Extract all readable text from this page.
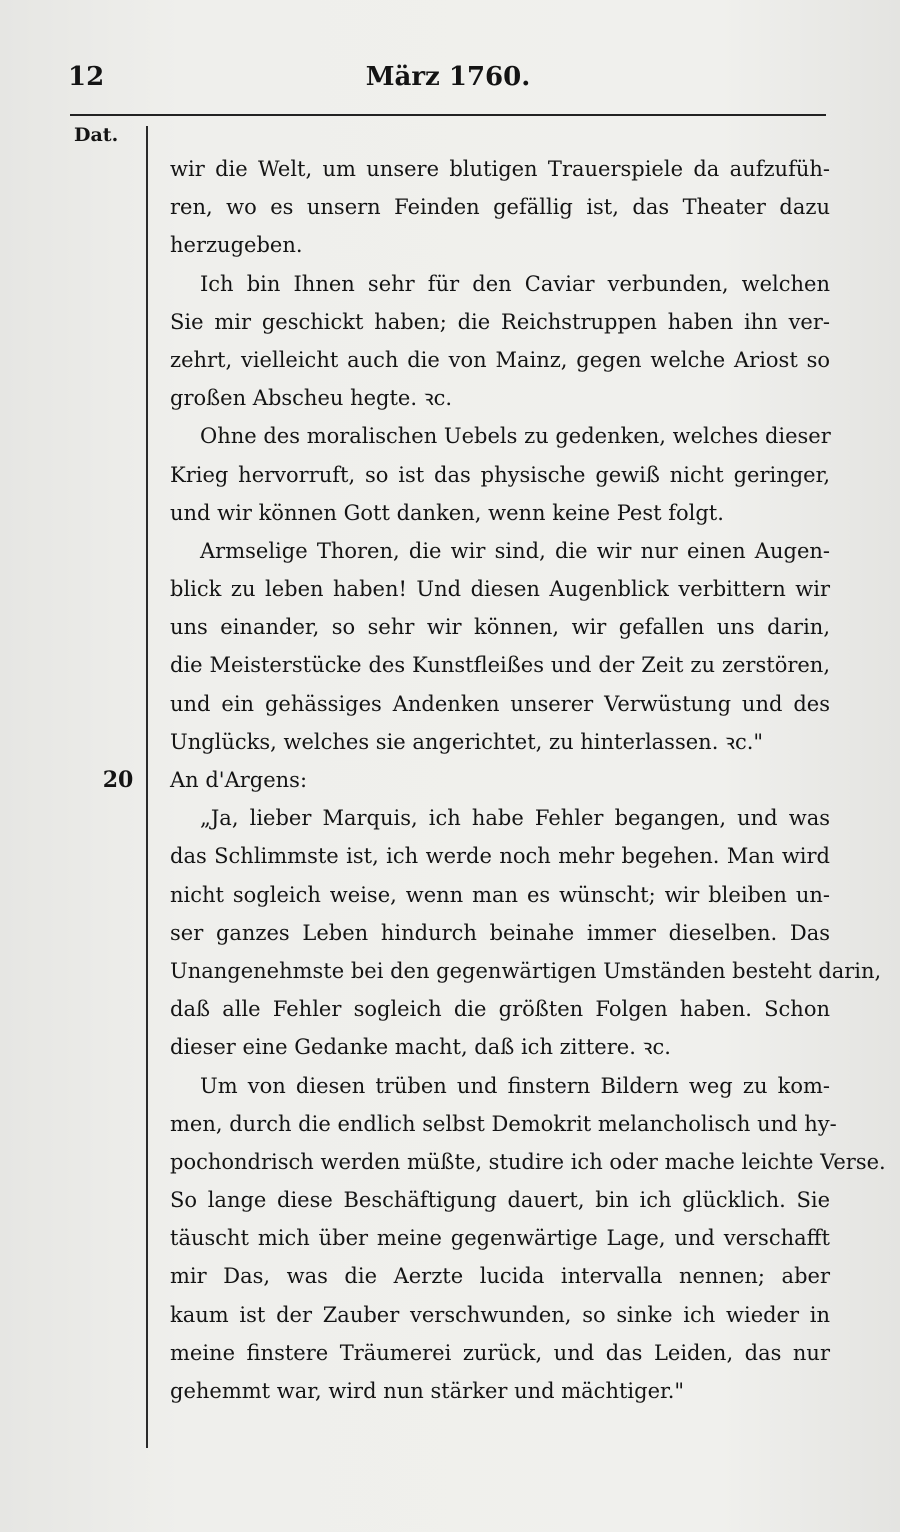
12	März 1760.
Dat.
20
wir die Welt, um unsere blutigen Trauerspiele da aufzufüh-
ren, wo es unsern Feinden gefällig ist, das Theater dazu
herzugeben.
Ich bin Ihnen sehr für den Caviar verbunden, welchen
Sie mir geschickt haben; die Reichstruppen haben ihn ver-
zehrt, vielleicht auch die von Mainz, gegen welche Ariost so
großen Abscheu hegte. ꝛc.
Ohne des moralischen Uebels zu gedenken, welches dieser
Krieg hervorruft, so ist das physische gewiß nicht geringer,
und wir können Gott danken, wenn keine Pest folgt.
Armselige Thoren, die wir sind, die wir nur einen Augen-
blick zu leben haben! Und diesen Augenblick verbittern wir
uns einander, so sehr wir können, wir gefallen uns darin,
die Meisterstücke des Kunstfleißes und der Zeit zu zerstören,
und ein gehässiges Andenken unserer Verwüstung und des
Unglücks, welches sie angerichtet, zu hinterlassen. ꝛc."
An d'Argens:
„Ja, lieber Marquis, ich habe Fehler begangen, und was
das Schlimmste ist, ich werde noch mehr begehen. Man wird
nicht sogleich weise, wenn man es wünscht; wir bleiben un-
ser ganzes Leben hindurch beinahe immer dieselben. Das
Unangenehmste bei den gegenwärtigen Umständen besteht darin,
daß alle Fehler sogleich die größten Folgen haben. Schon
dieser eine Gedanke macht, daß ich zittere. ꝛc.
Um von diesen trüben und finstern Bildern weg zu kom-
men, durch die endlich selbst Demokrit melancholisch und hy-
pochondrisch werden müßte, studire ich oder mache leichte Verse.
So lange diese Beschäftigung dauert, bin ich glücklich. Sie
täuscht mich über meine gegenwärtige Lage, und verschafft
mir Das, was die Aerzte lucida intervalla nennen; aber
kaum ist der Zauber verschwunden, so sinke ich wieder in
meine finstere Träumerei zurück, und das Leiden, das nur
gehemmt war, wird nun stärker und mächtiger."
